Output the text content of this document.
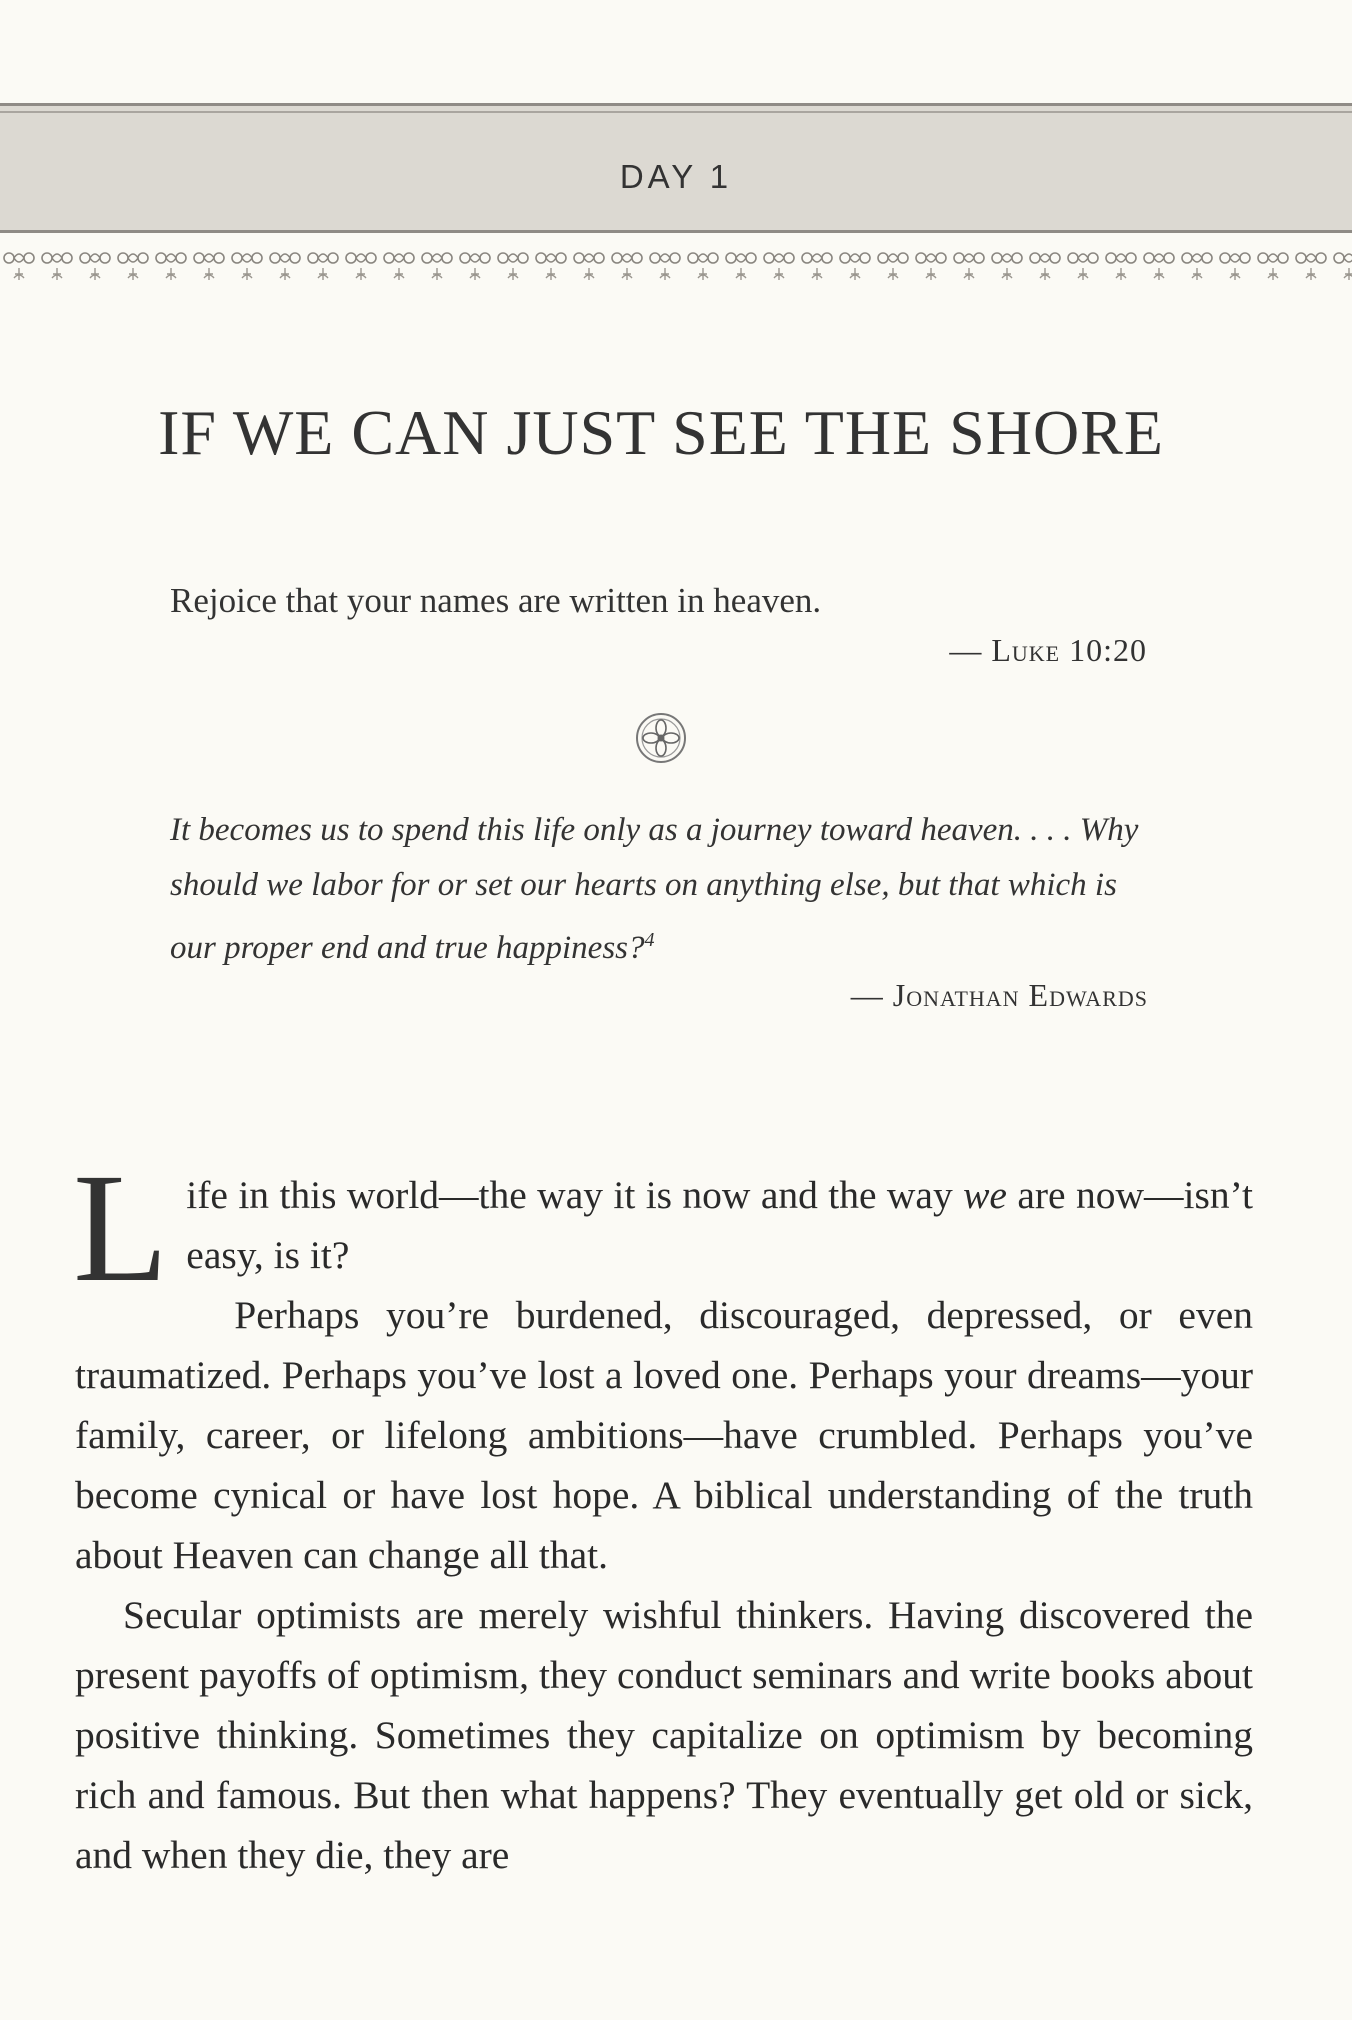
DAY 1
IF WE CAN JUST SEE THE SHORE

Rejoice that your names are written in heaven.

— Luke 10:20

It becomes us to spend this life only as a journey toward heaven. . . . Why should we labor for or set our hearts on anything else, but that which is our proper end and true happiness?$^4$

— Jonathan Edwards

Life in this world—the way it is now and the way we are now—isn’t easy, is it?

Perhaps you’re burdened, discouraged, depressed, or even traumatized. Perhaps you’ve lost a loved one. Perhaps your dreams—your family, career, or lifelong ambitions—have crumbled. Perhaps you’ve become cynical or have lost hope. A biblical understanding of the truth about Heaven can change all that.

Secular optimists are merely wishful thinkers. Having discovered the present payoffs of optimism, they conduct seminars and write books about positive thinking. Sometimes they capitalize on optimism by becoming rich and famous. But then what happens? They eventually get old or sick, and when they die, they are
